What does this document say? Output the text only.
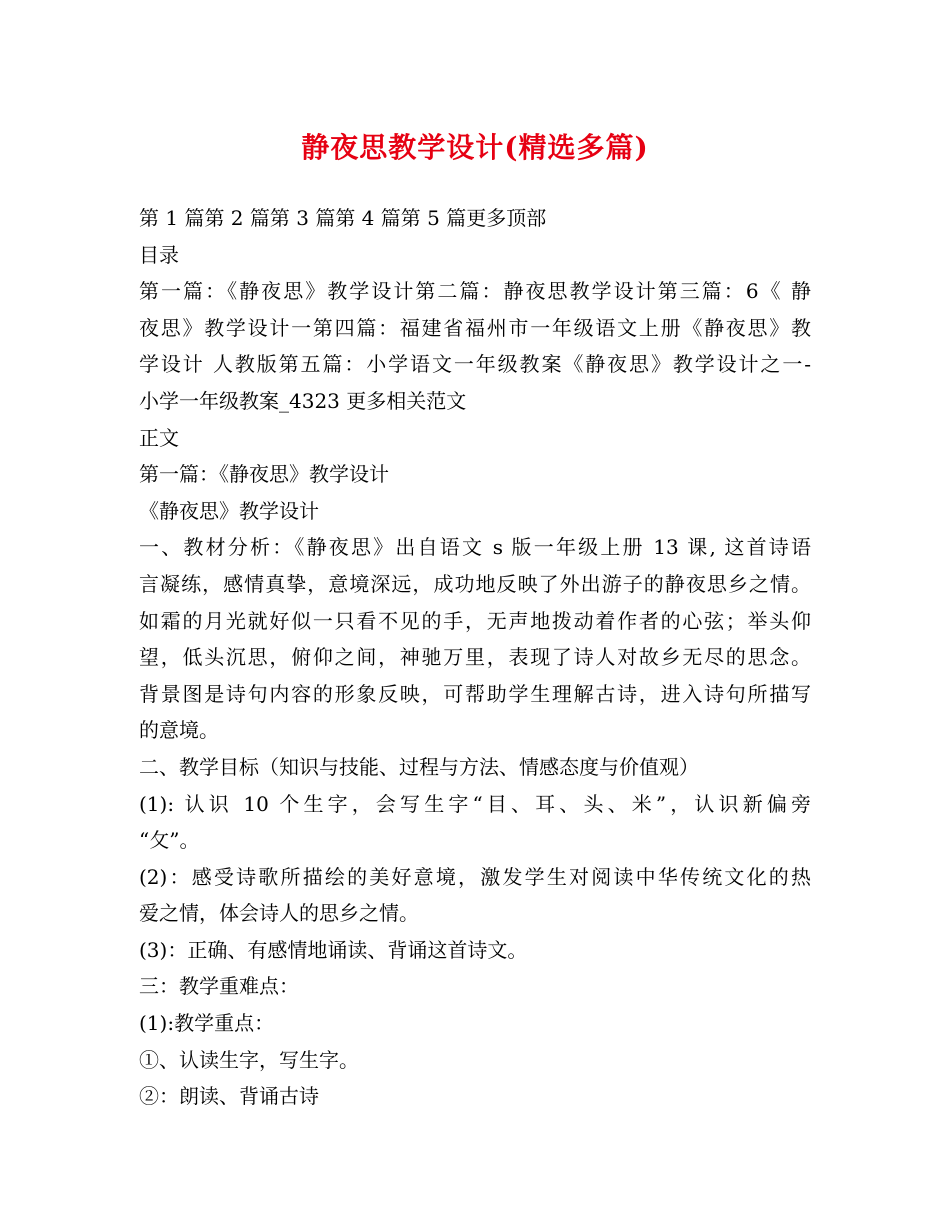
静夜思教学设计(精选多篇)

第 1 篇第 2 篇第 3 篇第 4 篇第 5 篇更多顶部

目录

第一篇：《静夜思》教学设计第二篇：静夜思教学设计第三篇：6《 静

夜思》教学设计一第四篇：福建省福州市一年级语文上册《静夜思》教

学设计 人教版第五篇：小学语文一年级教案《静夜思》教学设计之一-

小学一年级教案_4323 更多相关范文

正文

第一篇：《静夜思》教学设计

《静夜思》教学设计

一、教材分析：《静夜思》出自语文 s 版一年级上册 13 课, 这首诗语

言凝练，感情真挚，意境深远，成功地反映了外出游子的静夜思乡之情。

如霜的月光就好似一只看不见的手，无声地拨动着作者的心弦；举头仰

望，低头沉思，俯仰之间，神驰万里，表现了诗人对故乡无尽的思念。

背景图是诗句内容的形象反映，可帮助学生理解古诗，进入诗句所描写

的意境。

二、教学目标（知识与技能、过程与方法、情感态度与价值观）

(1): 认识 10 个生字，会写生字“目、耳、头、米”，认识新偏旁

“攵”。

(2)：感受诗歌所描绘的美好意境，激发学生对阅读中华传统文化的热

爱之情，体会诗人的思乡之情。

(3)：正确、有感情地诵读、背诵这首诗文。

三：教学重难点：

(1):教学重点：

①、认读生字，写生字。

②：朗读、背诵古诗
